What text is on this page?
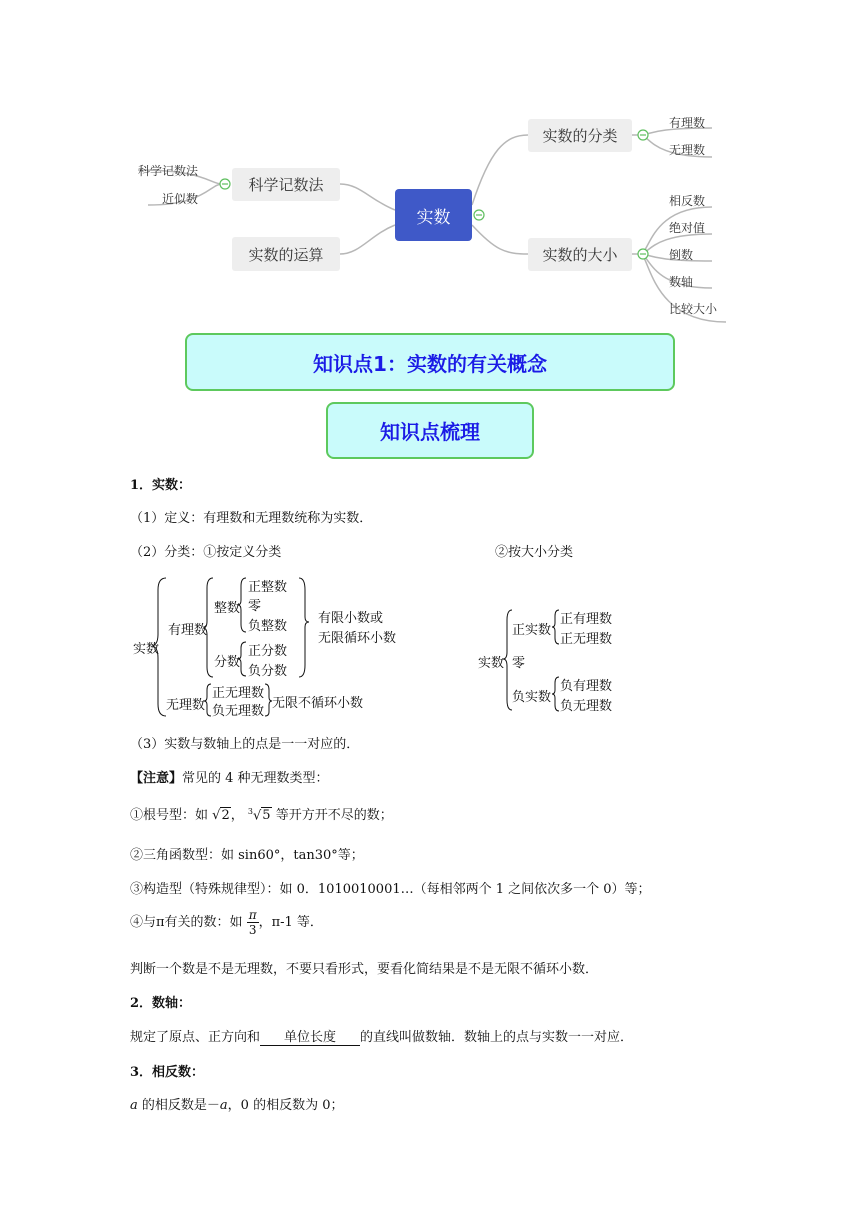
实数
科学记数法
实数的运算
实数的分类
实数的大小
科学记数法
近似数
有理数
无理数
相反数
绝对值
倒数
数轴
比较大小
知识点1：实数的有关概念
知识点梳理
1．实数：
（1）定义：有理数和无理数统称为实数．
（2）分类：①按定义分类	②按大小分类
实数
有理数
整数
正整数
零
负整数
分数
正分数
负分数
有限小数或
无限循环小数
无理数
正无理数
负无理数
无限不循环小数
实数
正实数
正有理数
正无理数
零
负实数
负有理数
负无理数
（3）实数与数轴上的点是一一对应的．
【注意】常见的 4 种无理数类型：
①根号型：如 √2， $^3$√5 等开方开不尽的数；
②三角函数型：如 sin60°，tan30°等；
③构造型（特殊规律型）：如 0．1010010001…（每相邻两个 1 之间依次多一个 0）等；
④与π有关的数：如 $\frac{\pi}{3}$ ，π-1 等．
判断一个数是不是无理数，不要只看形式，要看化简结果是不是无限不循环小数．
2．数轴：
规定了原点、正方向和 单位长度 的直线叫做数轴．数轴上的点与实数一一对应．
3．相反数：
a 的相反数是－a，0 的相反数为 0；
